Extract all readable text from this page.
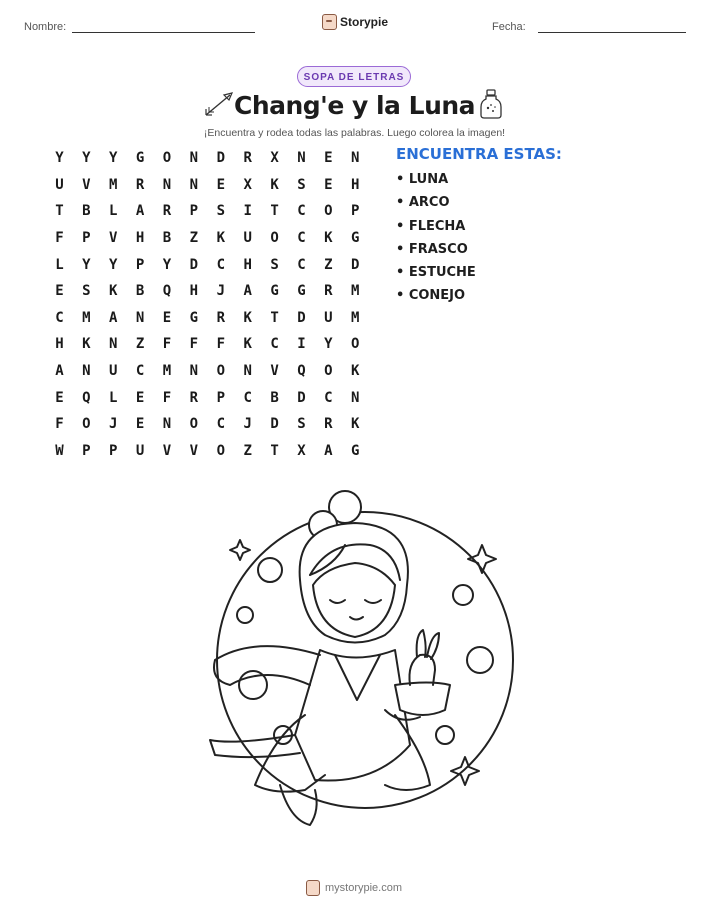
Nombre:	Storypie	Fecha:
SOPA DE LETRAS
Chang'e y la Luna
¡Encuentra y rodea todas las palabras. Luego colorea la imagen!
Y	Y	Y	G	O	N	D	R	X	N	E	N
U	V	M	R	N	N	E	X	K	S	E	H
T	B	L	A	R	P	S	I	T	C	O	P
F	P	V	H	B	Z	K	U	O	C	K	G
L	Y	Y	P	Y	D	C	H	S	C	Z	D
E	S	K	B	Q	H	J	A	G	G	R	M
C	M	A	N	E	G	R	K	T	D	U	M
H	K	N	Z	F	F	F	K	C	I	Y	O
A	N	U	C	M	N	O	N	V	Q	O	K
E	Q	L	E	F	R	P	C	B	D	C	N
F	O	J	E	N	O	C	J	D	S	R	K
W	P	P	U	V	V	O	Z	T	X	A	G
ENCUENTRA ESTAS:
• LUNA
• ARCO
• FLECHA
• FRASCO
• ESTUCHE
• CONEJO
mystorypie.com
